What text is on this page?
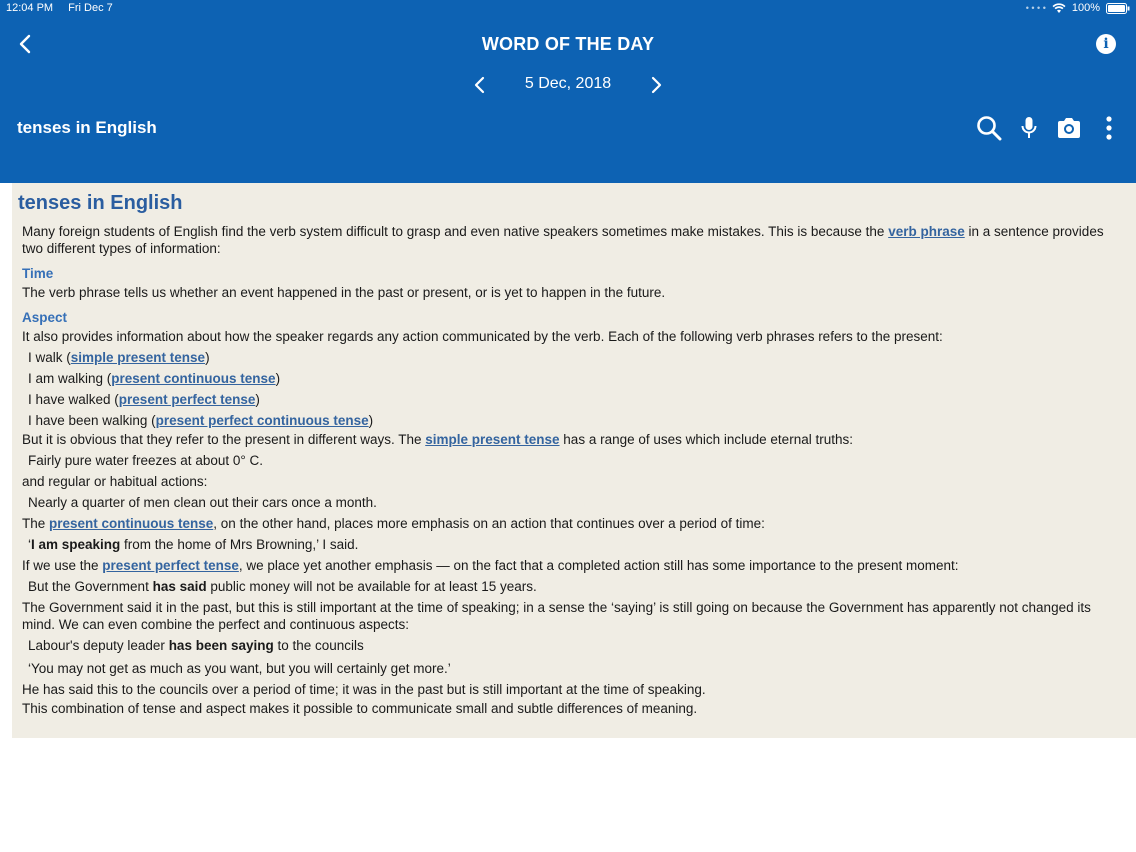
12:04 PM Fri Dec 7	• • • • 100%
WORD OF THE DAY	i
5 Dec, 2018
tenses in English
tenses in English

Many foreign students of English find the verb system difficult to grasp and even native speakers sometimes make mistakes. This is because the verb phrase in a sentence provides two different types of information:

Time

The verb phrase tells us whether an event happened in the past or present, or is yet to happen in the future.

Aspect

It also provides information about how the speaker regards any action communicated by the verb. Each of the following verb phrases refers to the present:

I walk (simple present tense)
I am walking (present continuous tense)
I have walked (present perfect tense)
I have been walking (present perfect continuous tense)

But it is obvious that they refer to the present in different ways. The simple present tense has a range of uses which include eternal truths:

Fairly pure water freezes at about 0° C.

and regular or habitual actions:

Nearly a quarter of men clean out their cars once a month.

The present continuous tense, on the other hand, places more emphasis on an action that continues over a period of time:

‘I am speaking from the home of Mrs Browning,’ I said.

If we use the present perfect tense, we place yet another emphasis — on the fact that a completed action still has some importance to the present moment:

But the Government has said public money will not be available for at least 15 years.

The Government said it in the past, but this is still important at the time of speaking; in a sense the ‘saying’ is still going on because the Government has apparently not changed its mind. We can even combine the perfect and continuous aspects:

Labour's deputy leader has been saying to the councils
‘You may not get as much as you want, but you will certainly get more.’

He has said this to the councils over a period of time; it was in the past but is still important at the time of speaking.

This combination of tense and aspect makes it possible to communicate small and subtle differences of meaning.
